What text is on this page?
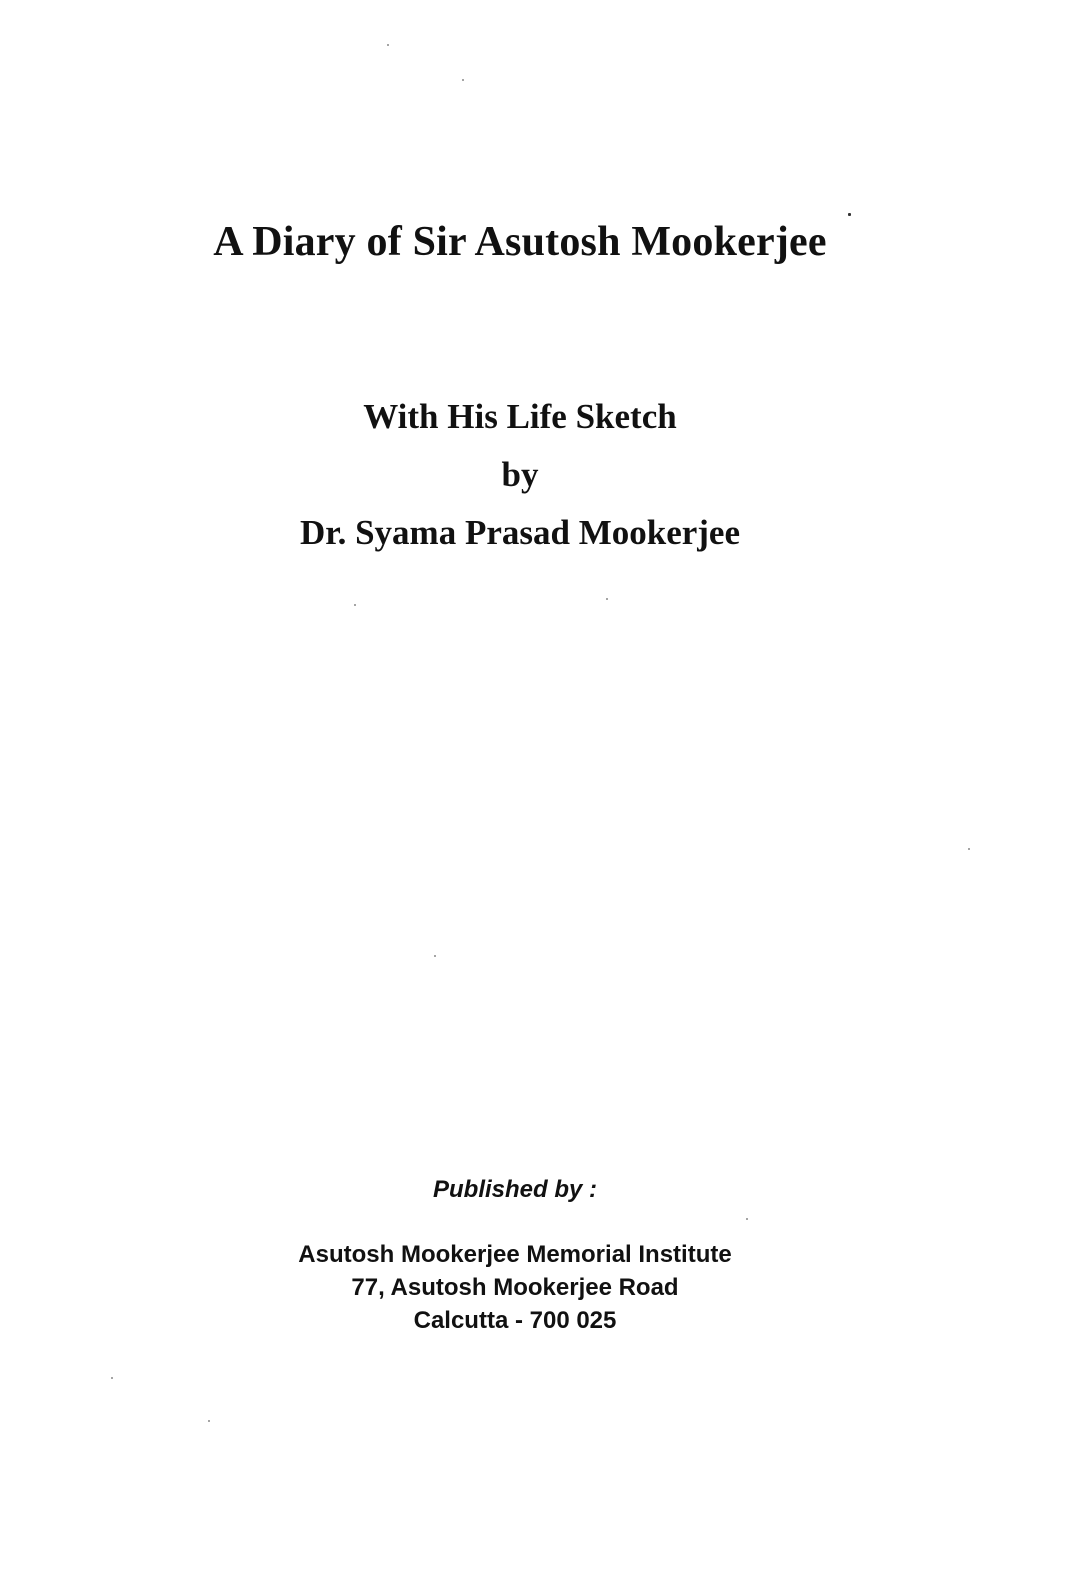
A Diary of Sir Asutosh Mookerjee
With His Life Sketch
by
Dr. Syama Prasad Mookerjee
Published by :
Asutosh Mookerjee Memorial Institute
77, Asutosh Mookerjee Road
Calcutta - 700 025
